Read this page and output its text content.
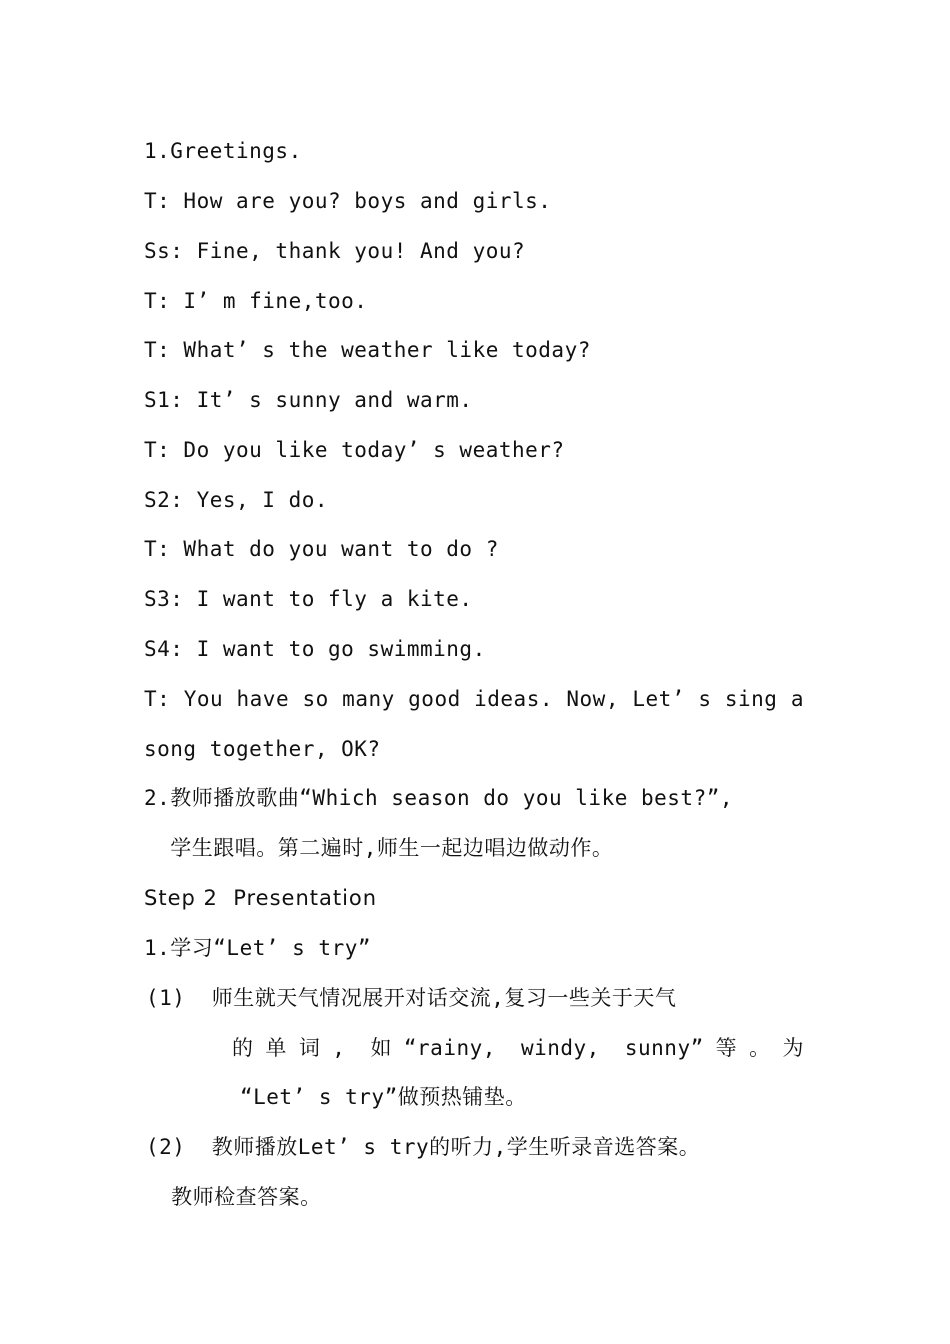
1.Greetings.
T: How are you? boys and girls.
Ss: Fine, thank you! And you?
T: I’ m fine,too.
T: What’ s the weather like today?
S1: It’ s sunny and warm.
T: Do you like today’ s weather?
S2: Yes, I do.
T: What do you want to do ?
S3: I want to fly a kite.
S4: I want to go swimming.
T: You have so many good ideas. Now, Let’ s sing a
song together, OK?
2.教师播放歌曲“Which season do you like best?”,
学生跟唱。第二遍时,师生一起边唱边做动作。
Step 2  Presentation
1.学习“Let’ s try”
(1)  师生就天气情况展开对话交流,复习一些关于天气
的单词, 如“rainy, windy, sunny”等。为
“Let’ s try”做预热铺垫。
(2)  教师播放Let’ s try的听力,学生听录音选答案。
教师检查答案。
